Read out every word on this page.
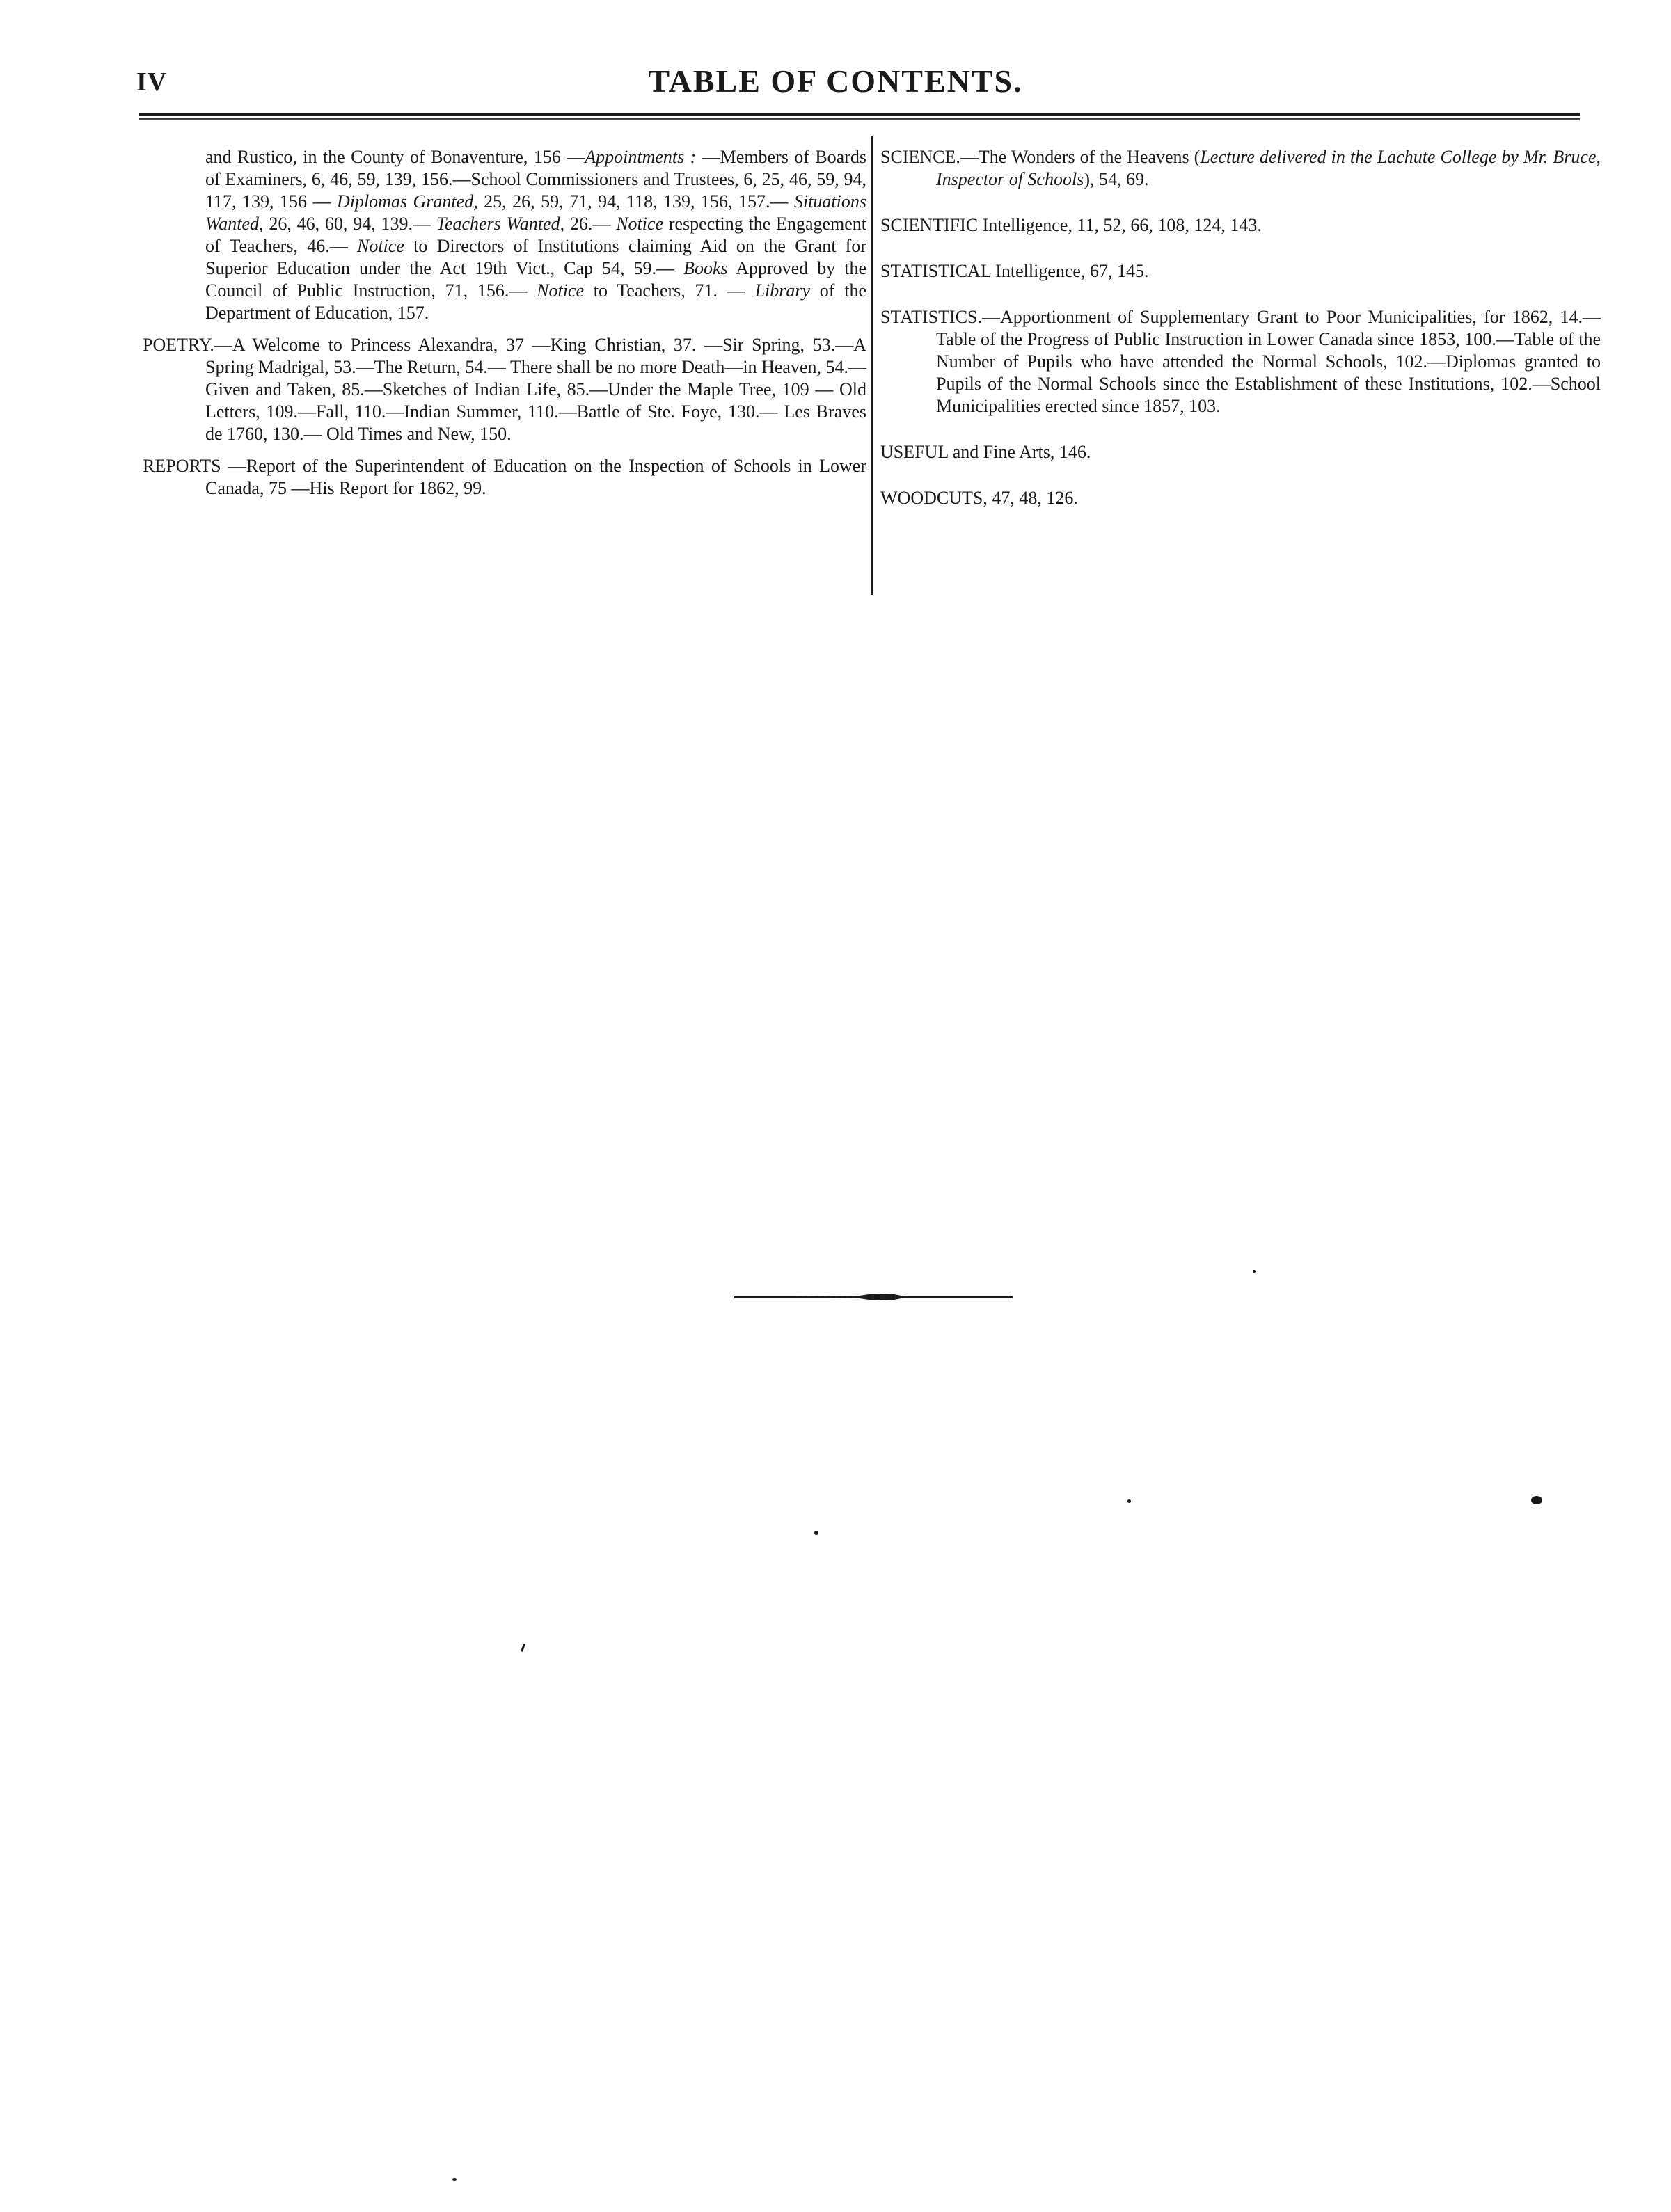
IV	TABLE OF CONTENTS.

and Rustico, in the County of Bonaventure, 156 —Appointments : —Members of Boards of Examiners, 6, 46, 59, 139, 156.—School Commissioners and Trustees, 6, 25, 46, 59, 94, 117, 139, 156 — Diplomas Granted, 25, 26, 59, 71, 94, 118, 139, 156, 157.— Situations Wanted, 26, 46, 60, 94, 139.— Teachers Wanted, 26.— Notice respecting the Engagement of Teachers, 46.— Notice to Directors of Institutions claiming Aid on the Grant for Superior Education under the Act 19th Vict., Cap 54, 59.— Books Approved by the Council of Public Instruction, 71, 156.— Notice to Teachers, 71. — Library of the Department of Education, 157.

POETRY.—A Welcome to Princess Alexandra, 37 —King Christian, 37. —Sir Spring, 53.—A Spring Madrigal, 53.—The Return, 54.— There shall be no more Death—in Heaven, 54.—Given and Taken, 85.—Sketches of Indian Life, 85.—Under the Maple Tree, 109 — Old Letters, 109.—Fall, 110.—Indian Summer, 110.—Battle of Ste. Foye, 130.— Les Braves de 1760, 130.— Old Times and New, 150.

REPORTS —Report of the Superintendent of Education on the Inspection of Schools in Lower Canada, 75 —His Report for 1862, 99.

SCIENCE.—The Wonders of the Heavens (Lecture delivered in the Lachute College by Mr. Bruce, Inspector of Schools), 54, 69.

SCIENTIFIC Intelligence, 11, 52, 66, 108, 124, 143.

STATISTICAL Intelligence, 67, 145.

STATISTICS.—Apportionment of Supplementary Grant to Poor Municipalities, for 1862, 14.—Table of the Progress of Public Instruction in Lower Canada since 1853, 100.—Table of the Number of Pupils who have attended the Normal Schools, 102.—Diplomas granted to Pupils of the Normal Schools since the Establishment of these Institutions, 102.—School Municipalities erected since 1857, 103.

USEFUL and Fine Arts, 146.

WOODCUTS, 47, 48, 126.
